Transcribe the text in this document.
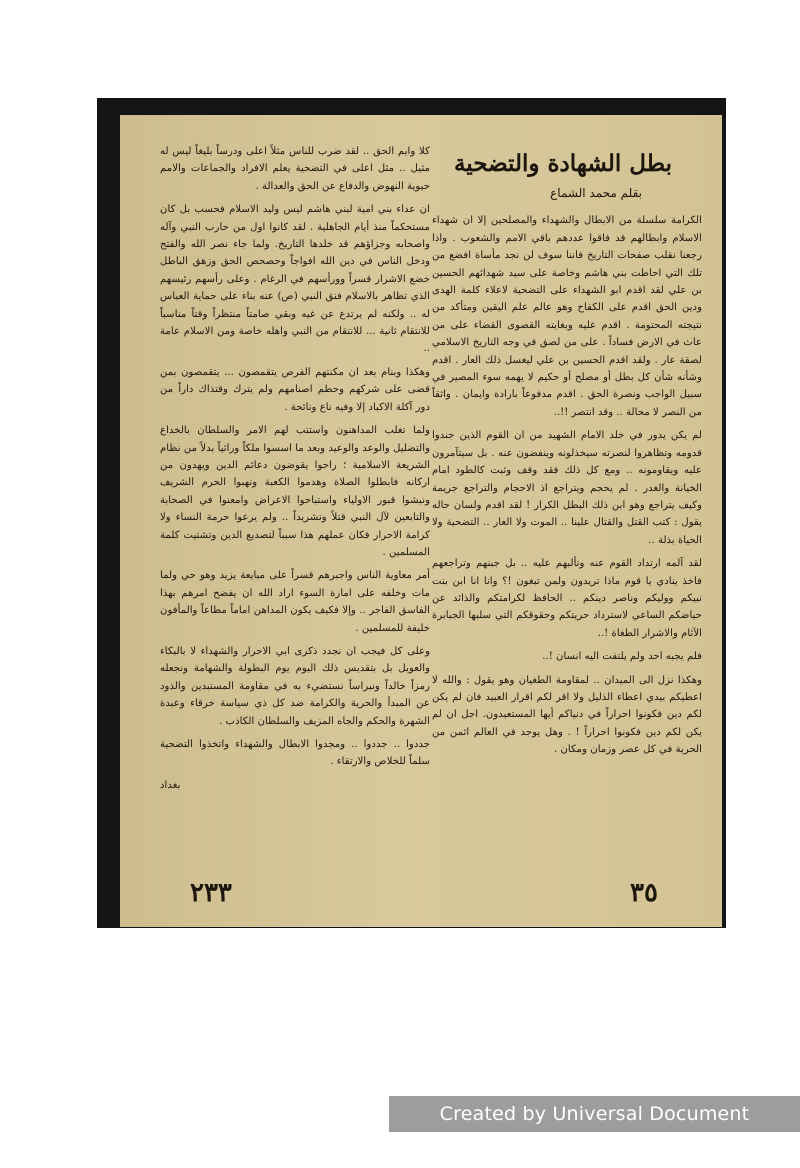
بطل الشهادة والتضحية
بقلم محمد الشماع

الكرامة سلسلة من الابطال والشهداء والمصلحين إلا ان شهداء الاسلام وابطالهم قد فاقوا عددهم باقي الامم والشعوب . واذا رجعنا نقلب صفحات التاريخ فاننا سوف لن نجد مأساة افضع من تلك التي احاطت بني هاشم وخاصة على سيد شهدائهم الحسين بن علي لقد اقدم ابو الشهداء على التضحية لاعلاء كلمة الهدى ودين الحق اقدم على الكفاح وهو عالم علم اليقين ومتأكد من نتيجته المحتومة . اقدم عليه وبغايته القصوى القضاء على من عاث في الارض فساداً . على من لصق في وجه التاريخ الاسلامي لصقة عار . ولقد اقدم الحسين بن علي ليغسل ذلك العار . اقدم وشأنه شأن كل بطل أو مصلح أو حكيم لا يهمه سوء المصير في سبيل الواجب ونصرة الحق . اقدم مدفوعاً بارادة وايمان . واثقاً من النصر لا محالة .. وقد انتصر !!..

لم يكن يدور في خلد الامام الشهيد من ان القوم الذين جندوا قدومه وتظاهروا لنصرته سيخذلونه وينفضون عنه . بل سيتآمرون عليه ويقاومونه .. ومع كل ذلك فقد وقف وثبت كالطود امام الخيانة والغدر . لم يحجم ويتراجع اذ الاحجام والتراجع جريمة وكيف يتراجع وهو ابن ذلك البطل الكرار ! لقد اقدم ولسان حاله يقول : كتب القتل والقتال علينا .. الموت ولا العار .. التضحية ولا الحياة بذلة ..

لقد آلمه ارتداد القوم عنه وتألبهم عليه .. بل جبنهم وتراجعهم فاخذ ينادي يا قوم ماذا تريدون ولمن تبغون !؟ وانا انا ابن بنت نبيكم ووليكم وناصر دينكم .. الحافظ لكرامتكم والذائد عن حياضكم الساعي لاسترداد حريتكم وحقوقكم التي سلبها الجبابرة الآثام والاشرار الطغاة !..

فلم يجبه احد ولم يلتفت اليه انسان !..

وهكذا نزل الى الميدان .. لمقاومة الطغيان وهو يقول : والله لا اعطيكم بيدي اعطاء الذليل ولا اقر لكم اقرار العبيد فان لم يكن لكم دين فكونوا احراراً في دنياكم أيها المستعبدون. اجل ان لم يكن لكم دين فكونوا احراراً ! . وهل يوجد في العالم اثمن من الحرية في كل عصر وزمان ومكان .

كلا وايم الحق .. لقد ضرب للناس مثلاً اعلى ودرساً بليغاً ليس له مثيل .. مثل اعلى في التضحية يعلم الافراد والجماعات والامم حيوية النهوض والدفاع عن الحق والعدالة .

ان عداء بني امية لبني هاشم ليس وليد الاسلام فحسب بل كان مستحكماً منذ أيام الجاهلية . لقد كانوا اول من حارب النبي وآله واصحابه وجزاؤهم قد خلدها التاريخ. ولما جاء نصر الله والفتح ودخل الناس في دين الله افواجاً وحصحص الحق وزهق الباطل خضع الاشرار قسراً وورأسهم في الرغام . وعلى رأسهم رئيسهم الذي تظاهر بالاسلام فنق النبي (ص) عنه بناء على حماية العباس له .. ولكنه لم يرتدع عن غيه وبقي صامتاً منتظراً وقتاً مناسباً للانتقام ثانية ... للانتقام من النبي واهله خاصة ومن الاسلام عامة ..

وهكذا وبنام بعد ان مكنتهم الفرص يتقمصون ... يتقمصون بمن قضى على شركهم وحطم اصنامهم ولم يترك وقتذاك داراً من دور آكلة الاكباد إلا وفيه ناع ونائحة .

ولما تغلب المداهنون واستتب لهم الامر والسلطان بالخداع والتضليل والوعد والوعيد وبعد ما اسسوا ملكاً وراثياً بدلاً من نظام الشريعة الاسلامية ؛ راحوا يقوضون دعائم الدين ويهدون من اركانه فابطلوا الصلاة وهدموا الكعبة ونهبوا الحرم الشريف ونبشوا قبور الاولياء واستباحوا الاعراض وامعنوا في الصحابة والتابعين لآل النبي قتلاً وتشريداً .. ولم يرعوا حرمة النساء ولا كرامة الاحرار فكان عملهم هذا سبباً لتصديع الدين وتشتيت كلمة المسلمين .

أمر معاوية الناس واجبرهم قسراً على مبايعة يزيد وهو حي ولما مات وخلفه على امارة السوء اراد الله ان يفضح امرهم بهذا الفاسق الفاجر .. وإلا فكيف يكون المداهن اماماً مطاعاً والمأفون خليفة للمسلمين .

وعلى كل فيجب ان نجدد ذكرى ابي الاحرار والشهداء لا بالبكاء والعويل بل بتقديس ذلك اليوم يوم البطولة والشهامة ونجعله رمزاً خالداً ونبراساً نستضيء به في مقاومة المستبدين والذود عن المبدأ والحرية والكرامة ضد كل ذي سياسة خرقاء وعبدة الشهرة والحكم والجاه المزيف والسلطان الكاذب .

جددوا .. جددوا .. ومجدوا الابطال والشهداء واتخذوا التضحية سلماً للخلاص والارتقاء .

بغداد
٣٥
٢٣٣
Created by Universal Document Converter
